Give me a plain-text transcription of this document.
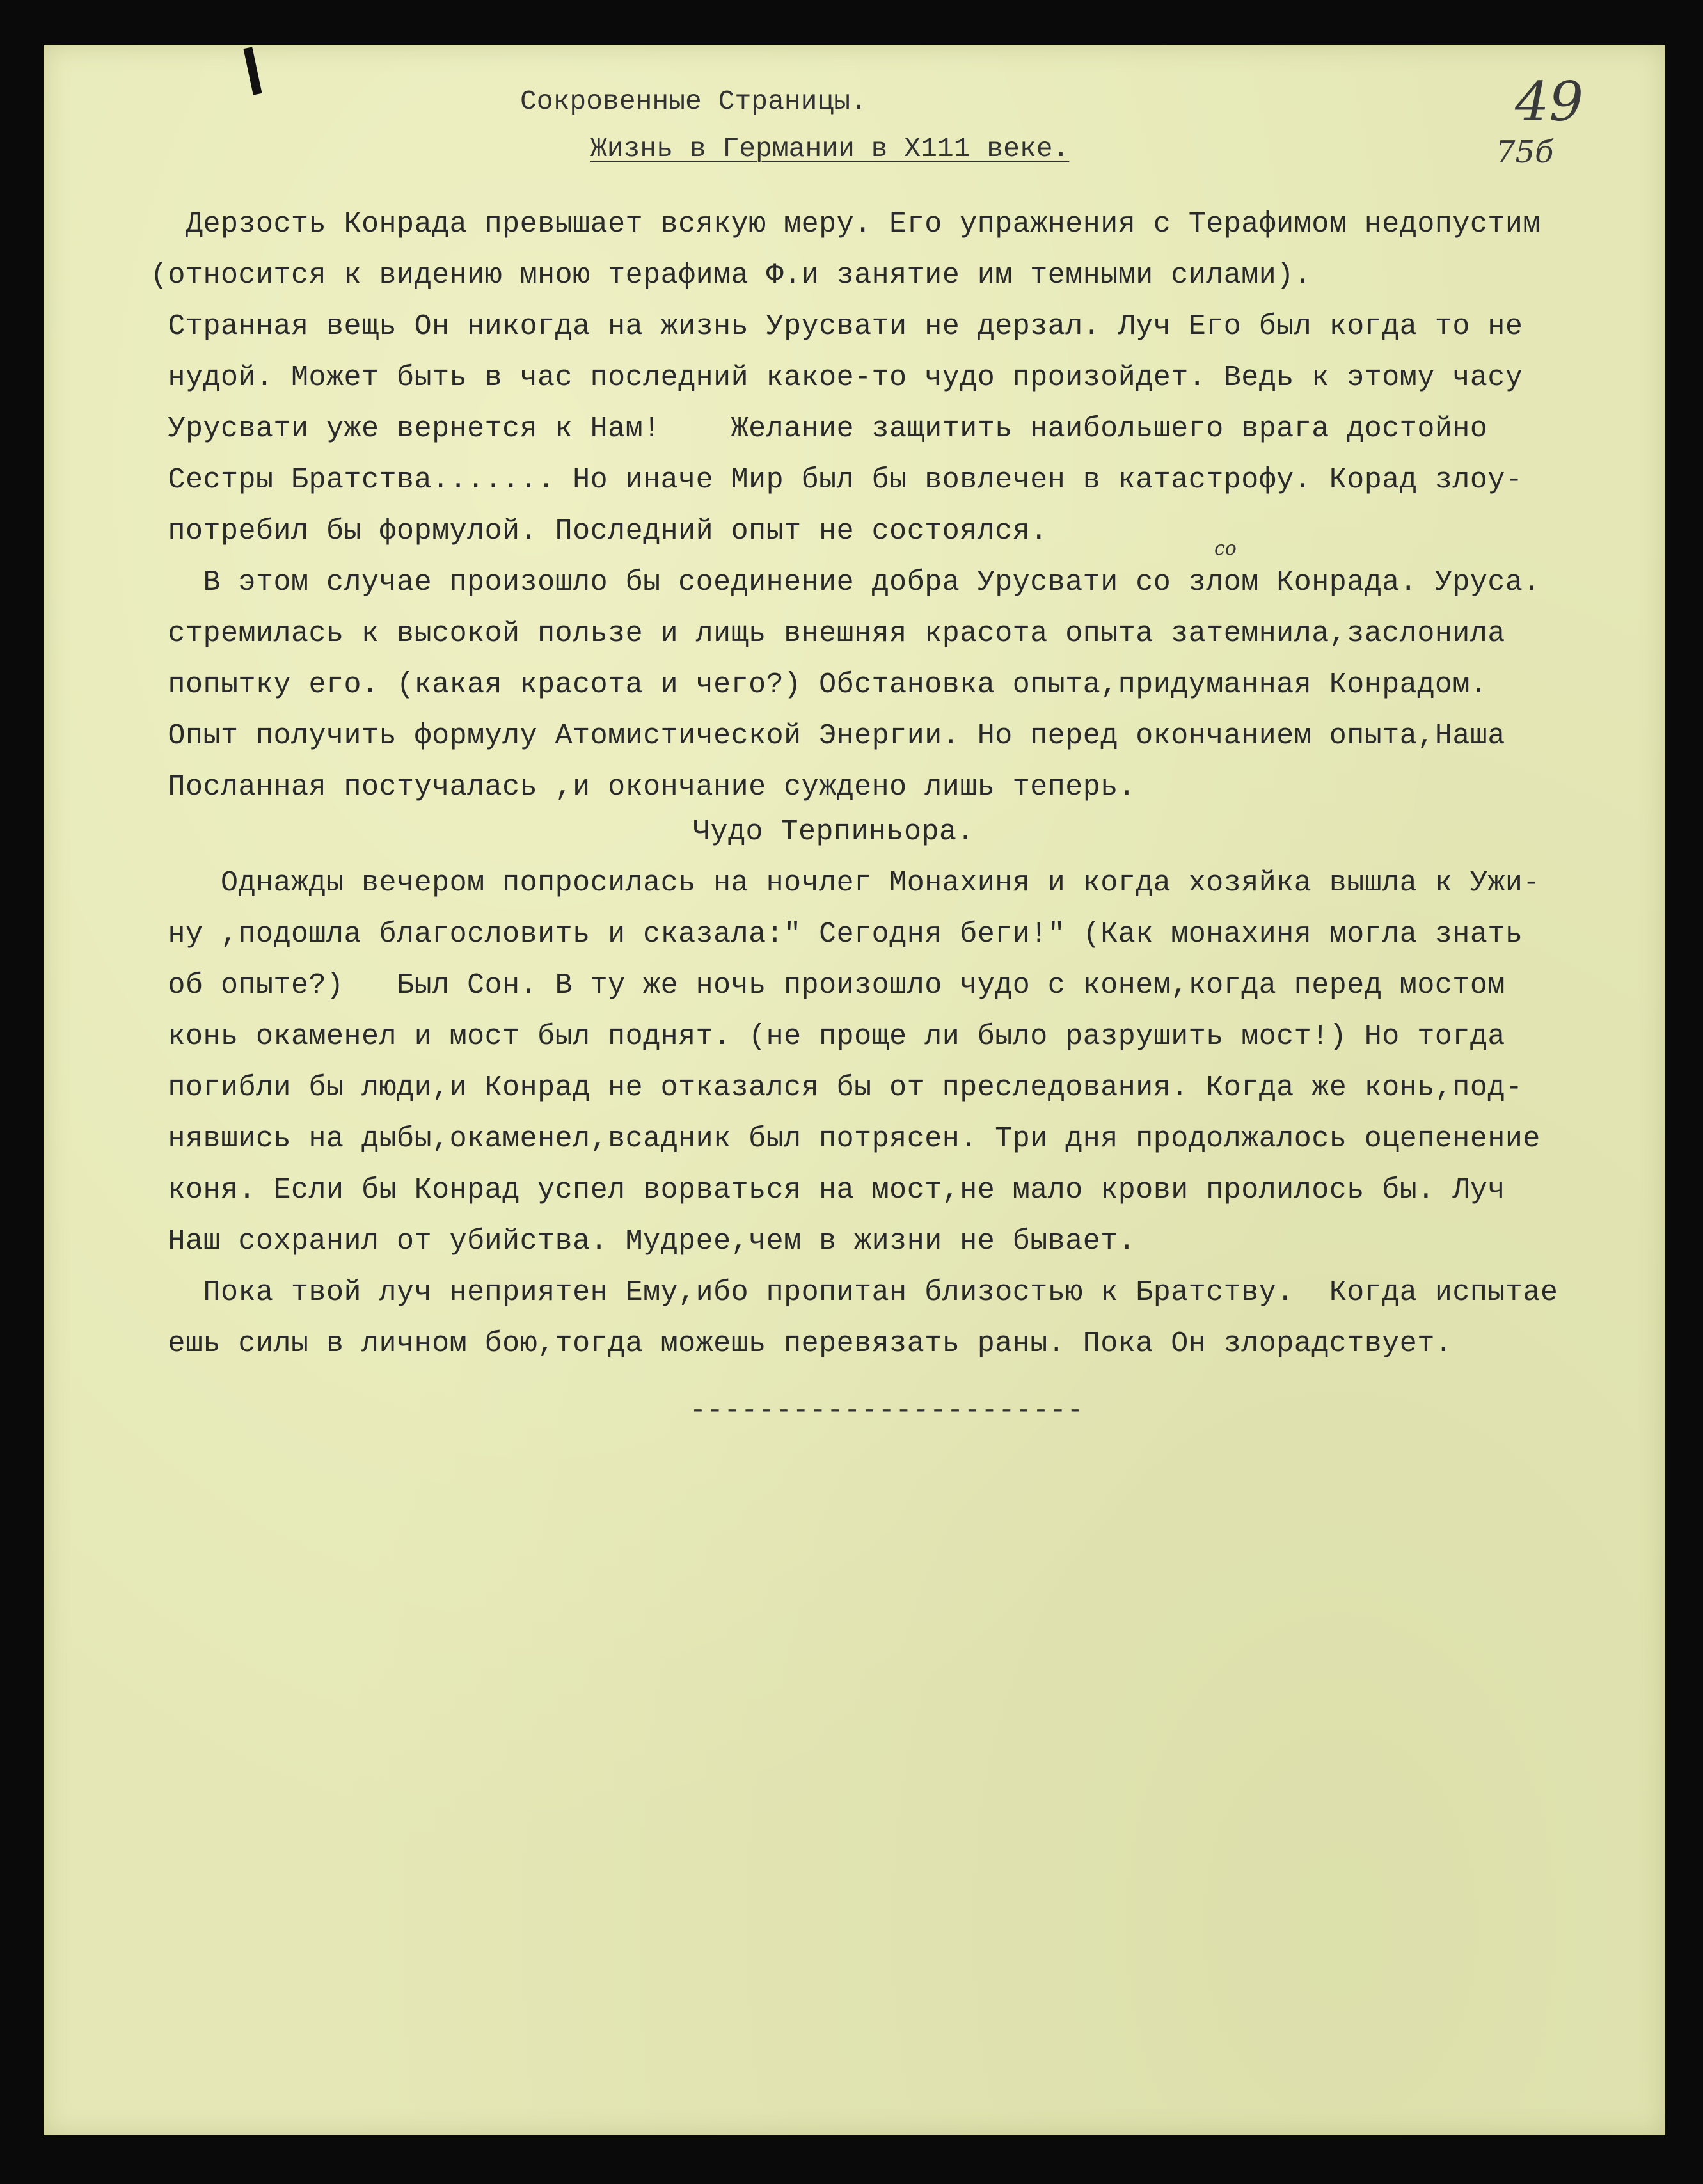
49
75б
Сокровенные Страницы.
Жизнь в Германии в Х111 веке.
со
Дерзость Конрада превышает всякую меру. Его упражнения с Терафимом недопустим
(относится к видению мною терафима Ф.и занятие им темными силами).
Странная вещь Он никогда на жизнь Урусвати не дерзал. Луч Его был когда то не
нудой. Может быть в час последний какое-то чудо произойдет. Ведь к этому часу
Урусвати уже вернется к Нам!    Желание защитить наибольшего врага достойно
Сестры Братства....... Но иначе Мир был бы вовлечен в катастрофу. Корад злоу-
потребил бы формулой. Последний опыт не состоялся.
В этом случае произошло бы соединение добра Урусвати со злом Конрада. Уруса.
стремилась к высокой пользе и лищь внешняя красота опыта затемнила,заслонила
попытку его. (какая красота и чего?) Обстановка опыта,придуманная Конрадом.
Опыт получить формулу Атомистической Энергии. Но перед окончанием опыта,Наша
Посланная постучалась ,и окончание суждено лишь теперь.
Чудо Терпиньора.
Однажды вечером попросилась на ночлег Монахиня и когда хозяйка вышла к Ужи-
ну ,подошла благословить и сказала:" Сегодня беги!" (Как монахиня могла знать
об опыте?)   Был Сон. В ту же ночь произошло чудо с конем,когда перед мостом
конь окаменел и мост был поднят. (не проще ли было разрушить мост!) Но тогда
погибли бы люди,и Конрад не отказался бы от преследования. Когда же конь,под-
нявшись на дыбы,окаменел,всадник был потрясен. Три дня продолжалось оцепенение
коня. Если бы Конрад успел ворваться на мост,не мало крови пролилось бы. Луч
Наш сохранил от убийства. Мудрее,чем в жизни не бывает.
Пока твой луч неприятен Ему,ибо пропитан близостью к Братству.  Когда испытае
ешь силы в личном бою,тогда можешь перевязать раны. Пока Он злорадствует.
-----------------------
